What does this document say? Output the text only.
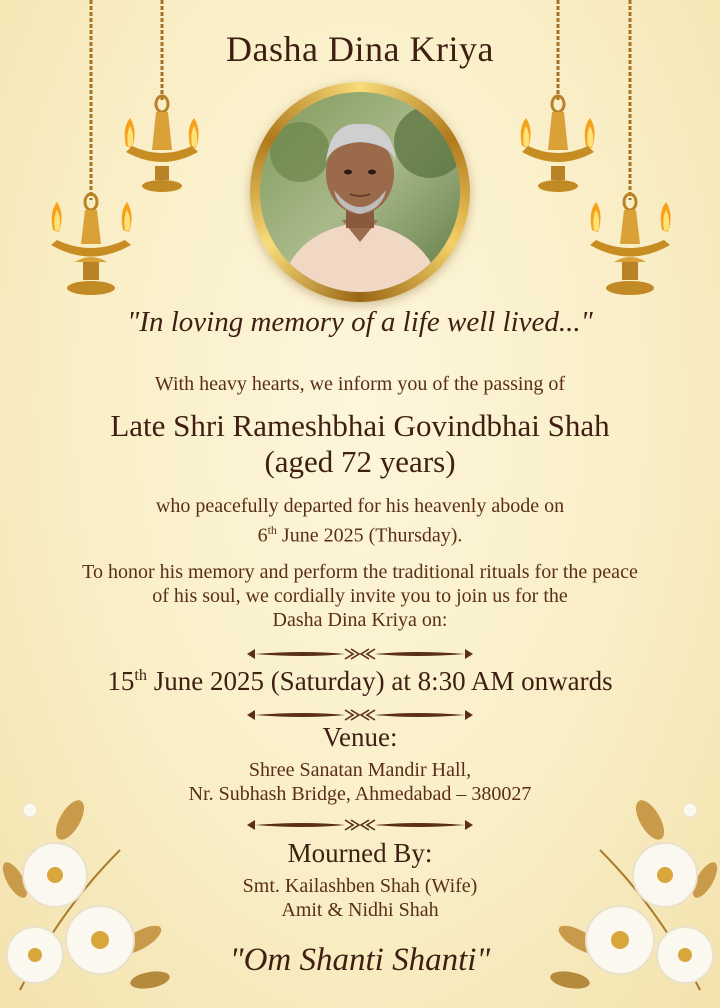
Dasha Dina Kriya
"In loving memory of a life well lived..."
With heavy hearts, we inform you of the passing of
Late Shri Rameshbhai Govindbhai Shah
(aged 72 years)
who peacefully departed for his heavenly abode on
6th June 2025 (Thursday).
To honor his memory and perform the traditional rituals for the peace
of his soul, we cordially invite you to join us for the
Dasha Dina Kriya on:
15th June 2025 (Saturday) at 8:30 AM onwards
Venue:
Shree Sanatan Mandir Hall,
Nr. Subhash Bridge, Ahmedabad – 380027
Mourned By:
Smt. Kailashben Shah (Wife)
Amit & Nidhi Shah
"Om Shanti Shanti"
